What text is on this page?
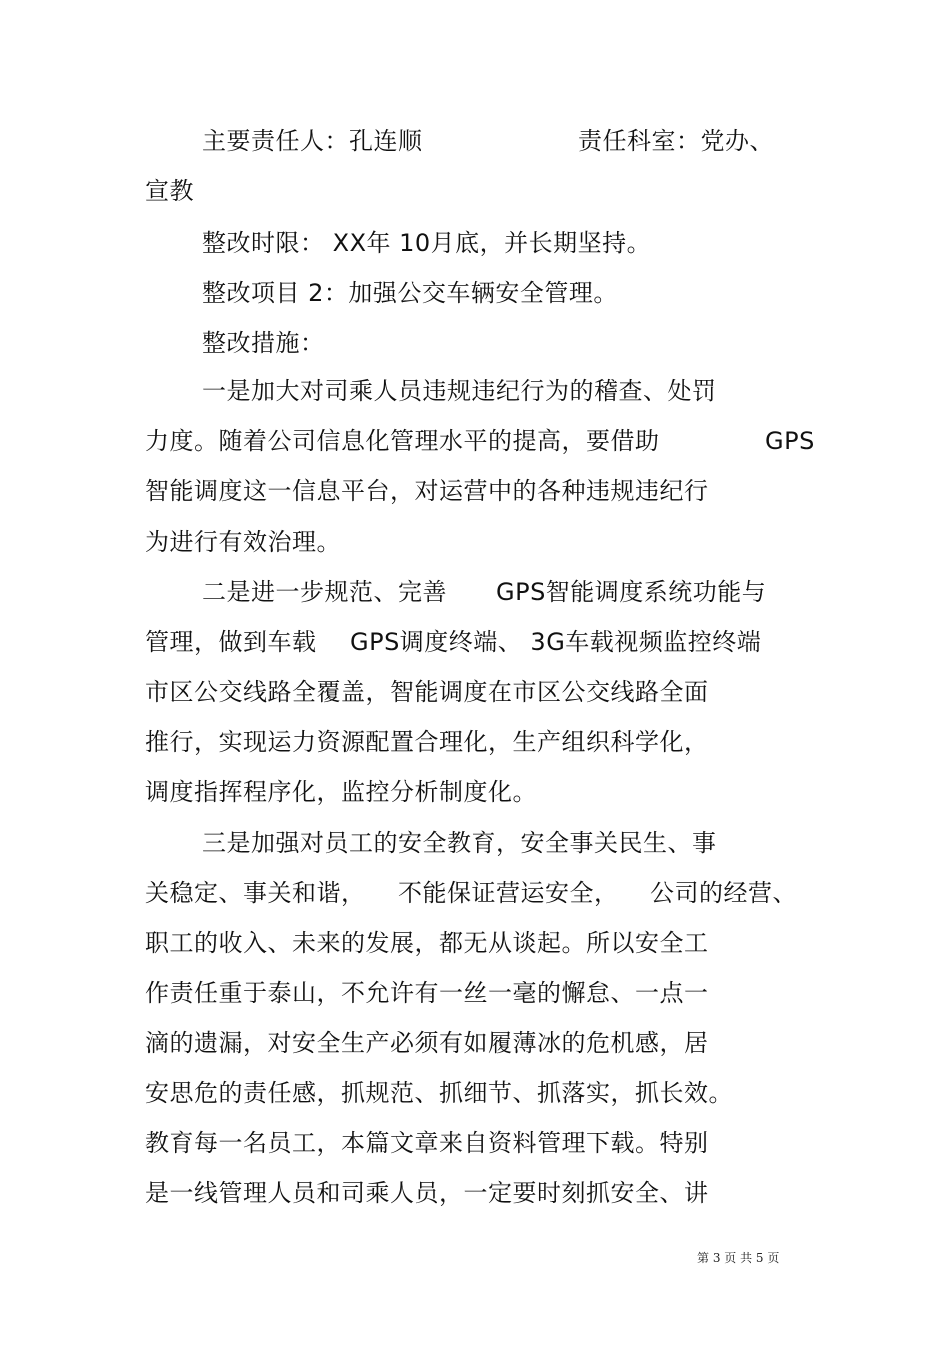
主要责任人：孔连顺	责任科室：党办、
宣教
整改时限： XX年 10月底，并长期坚持。
整改项目 2：加强公交车辆安全管理。
整改措施：
一是加大对司乘人员违规违纪行为的稽查、处罚
力度。随着公司信息化管理水平的提高，要借助	GPS
智能调度这一信息平台，对运营中的各种违规违纪行
为进行有效治理。
二是进一步规范、完善 GPS智能调度系统功能与
管理，做到车载 GPS调度终端、 3G车载视频监控终端
市区公交线路全覆盖，智能调度在市区公交线路全面
推行，实现运力资源配置合理化，生产组织科学化，
调度指挥程序化，监控分析制度化。
三是加强对员工的安全教育，安全事关民生、事
关稳定、事关和谐， 不能保证营运安全， 公司的经营、
职工的收入、未来的发展，都无从谈起。所以安全工
作责任重于泰山，不允许有一丝一毫的懈怠、一点一
滴的遗漏，对安全生产必须有如履薄冰的危机感，居
安思危的责任感，抓规范、抓细节、抓落实，抓长效。
教育每一名员工，本篇文章来自资料管理下载。特别
是一线管理人员和司乘人员，一定要时刻抓安全、讲
第 3 页 共 5 页
